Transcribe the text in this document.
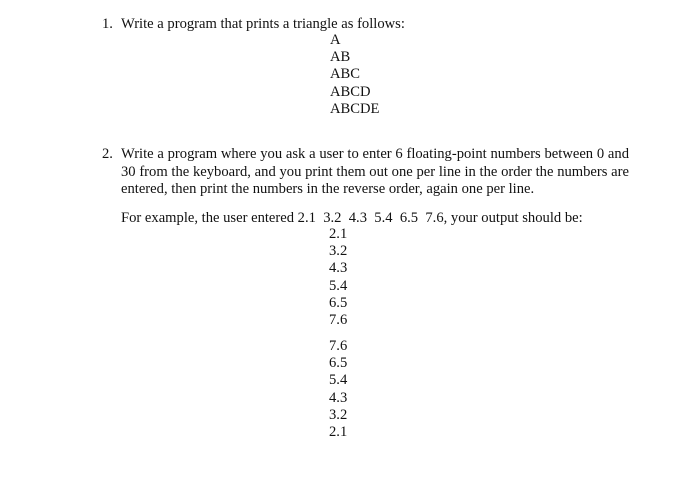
1. Write a program that prints a triangle as follows:
A
AB
ABC
ABCD
ABCDE
2. Write a program where you ask a user to enter 6 floating-point numbers between 0 and 30 from the keyboard, and you print them out one per line in the order the numbers are entered, then print the numbers in the reverse order, again one per line.
For example, the user entered 2.1  3.2  4.3  5.4  6.5  7.6, your output should be:
2.1
3.2
4.3
5.4
6.5
7.6
7.6
6.5
5.4
4.3
3.2
2.1
